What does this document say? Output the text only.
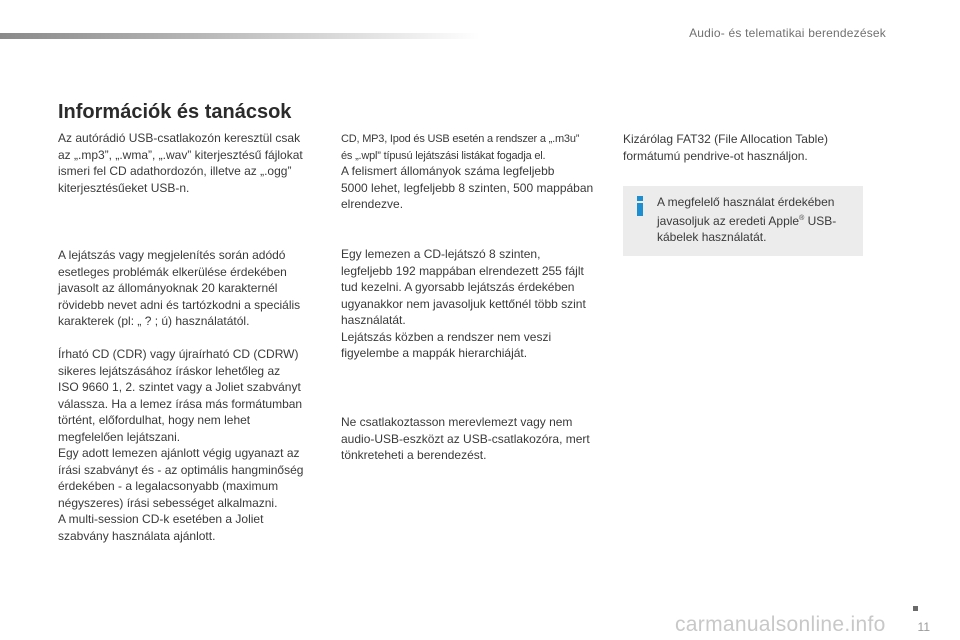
Audio- és telematikai berendezések
Információk és tanácsok

Az autórádió USB-csatlakozón keresztül csak
az „.mp3”, „.wma”, „.wav” kiterjesztésű fájlokat
ismeri fel CD adathordozón, illetve az „.ogg”
kiterjesztésűeket USB-n.

A lejátszás vagy megjelenítés során adódó
esetleges problémák elkerülése érdekében
javasolt az állományoknak 20 karakternél
rövidebb nevet adni és tartózkodni a speciális
karakterek (pl: „ ? ; ú) használatától.

Írható CD (CDR) vagy újraírható CD (CDRW)
sikeres lejátszásához íráskor lehetőleg az
ISO 9660 1, 2. szintet vagy a Joliet szabványt
válassza. Ha a lemez írása más formátumban
történt, előfordulhat, hogy nem lehet
megfelelően lejátszani.
Egy adott lemezen ajánlott végig ugyanazt az
írási szabványt és - az optimális hangminőség
érdekében - a legalacsonyabb (maximum
négyszeres) írási sebességet alkalmazni.
A multi-session CD-k esetében a Joliet
szabvány használata ajánlott.

CD, MP3, Ipod és USB esetén a rendszer a „.m3u”
és „.wpl” típusú lejátszási listákat fogadja el.

A felismert állományok száma legfeljebb
5000 lehet, legfeljebb 8 szinten, 500 mappában
elrendezve.

Egy lemezen a CD-lejátszó 8 szinten,
legfeljebb 192 mappában elrendezett 255 fájlt
tud kezelni. A gyorsabb lejátszás érdekében
ugyanakkor nem javasoljuk kettőnél több szint
használatát.
Lejátszás közben a rendszer nem veszi
figyelembe a mappák hierarchiáját.

Ne csatlakoztasson merevlemezt vagy nem
audio-USB-eszközt az USB-csatlakozóra, mert
tönkreteheti a berendezést.

Kizárólag FAT32 (File Allocation Table)
formátumú pendrive-ot használjon.

A megfelelő használat érdekében
javasoljuk az eredeti Apple® USB-
kábelek használatát.
11
carmanualsonline.info
